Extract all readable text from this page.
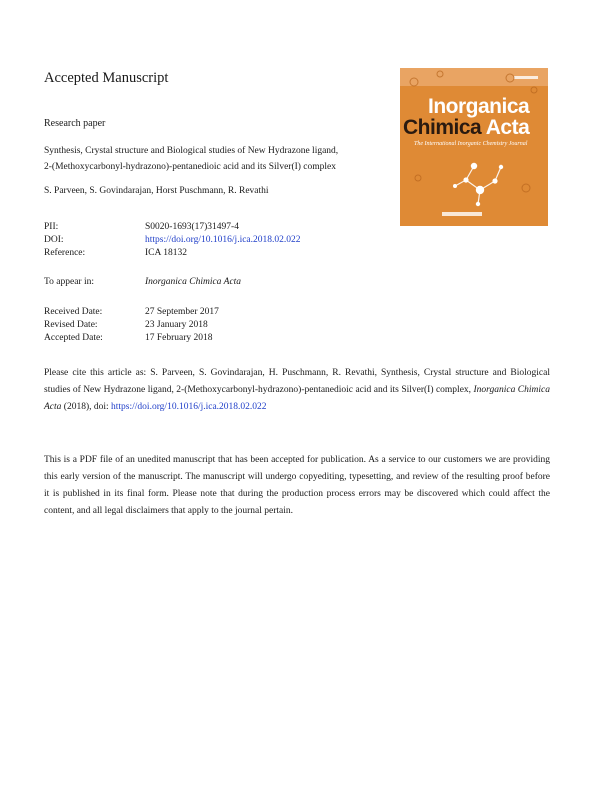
Accepted Manuscript
Research paper
Synthesis, Crystal structure and Biological studies of New Hydrazone ligand,
2-(Methoxycarbonyl-hydrazono)-pentanedioic acid and its Silver(I) complex
S. Parveen, S. Govindarajan, Horst Puschmann, R. Revathi
PII:	S0020-1693(17)31497-4
DOI:	https://doi.org/10.1016/j.ica.2018.02.022
Reference:	ICA 18132
To appear in:	Inorganica Chimica Acta
Received Date:	27 September 2017
Revised Date:	23 January 2018
Accepted Date:	17 February 2018
Please cite this article as: S. Parveen, S. Govindarajan, H. Puschmann, R. Revathi, Synthesis, Crystal structure and Biological studies of New Hydrazone ligand, 2-(Methoxycarbonyl-hydrazono)-pentanedioic acid and its Silver(I) complex, Inorganica Chimica Acta (2018), doi: https://doi.org/10.1016/j.ica.2018.02.022
This is a PDF file of an unedited manuscript that has been accepted for publication. As a service to our customers we are providing this early version of the manuscript. The manuscript will undergo copyediting, typesetting, and review of the resulting proof before it is published in its final form. Please note that during the production process errors may be discovered which could affect the content, and all legal disclaimers that apply to the journal pertain.
Inorganica
Chimica Acta
The International Inorganic Chemistry Journal
